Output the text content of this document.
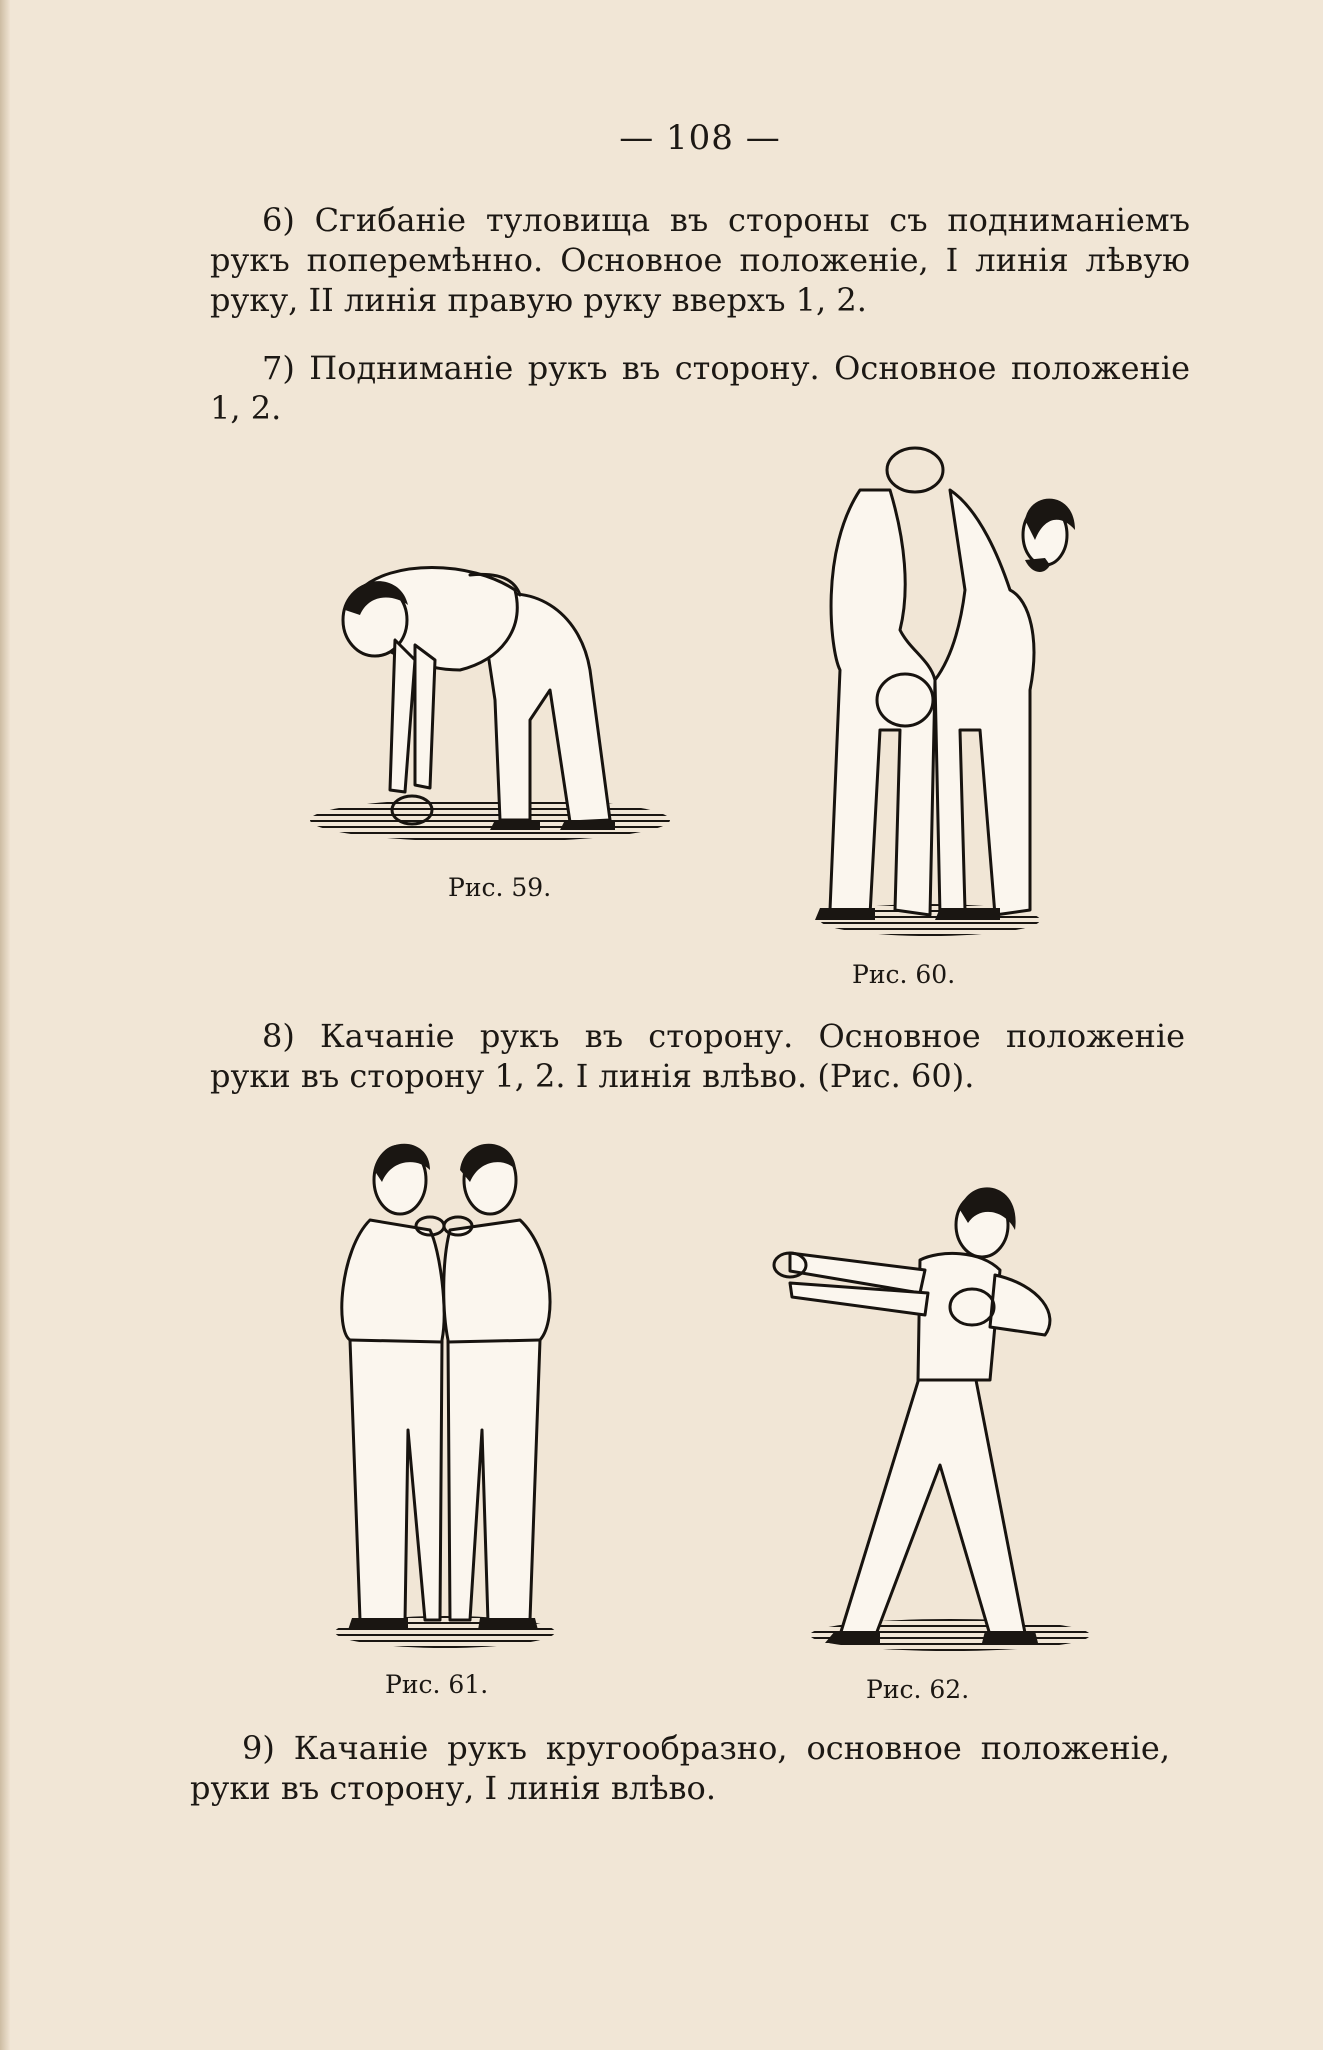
— 108 —

6) Сгибаніе туловища въ стороны съ подниманіемъ рукъ поперемѣнно. Основное положеніе, I линія лѣвую руку, II линія правую руку вверхъ 1, 2.

7) Подниманіе рукъ въ сторону. Основное положеніе 1, 2.

Рис. 59.
Рис. 60.

8) Качаніе рукъ въ сторону. Основное положеніе руки въ сторону 1, 2. I линія влѣво. (Рис. 60).

Рис. 61.	Рис. 62.

9) Качаніе рукъ кругообразно, основное положеніе, руки въ сторону, I линія влѣво.
